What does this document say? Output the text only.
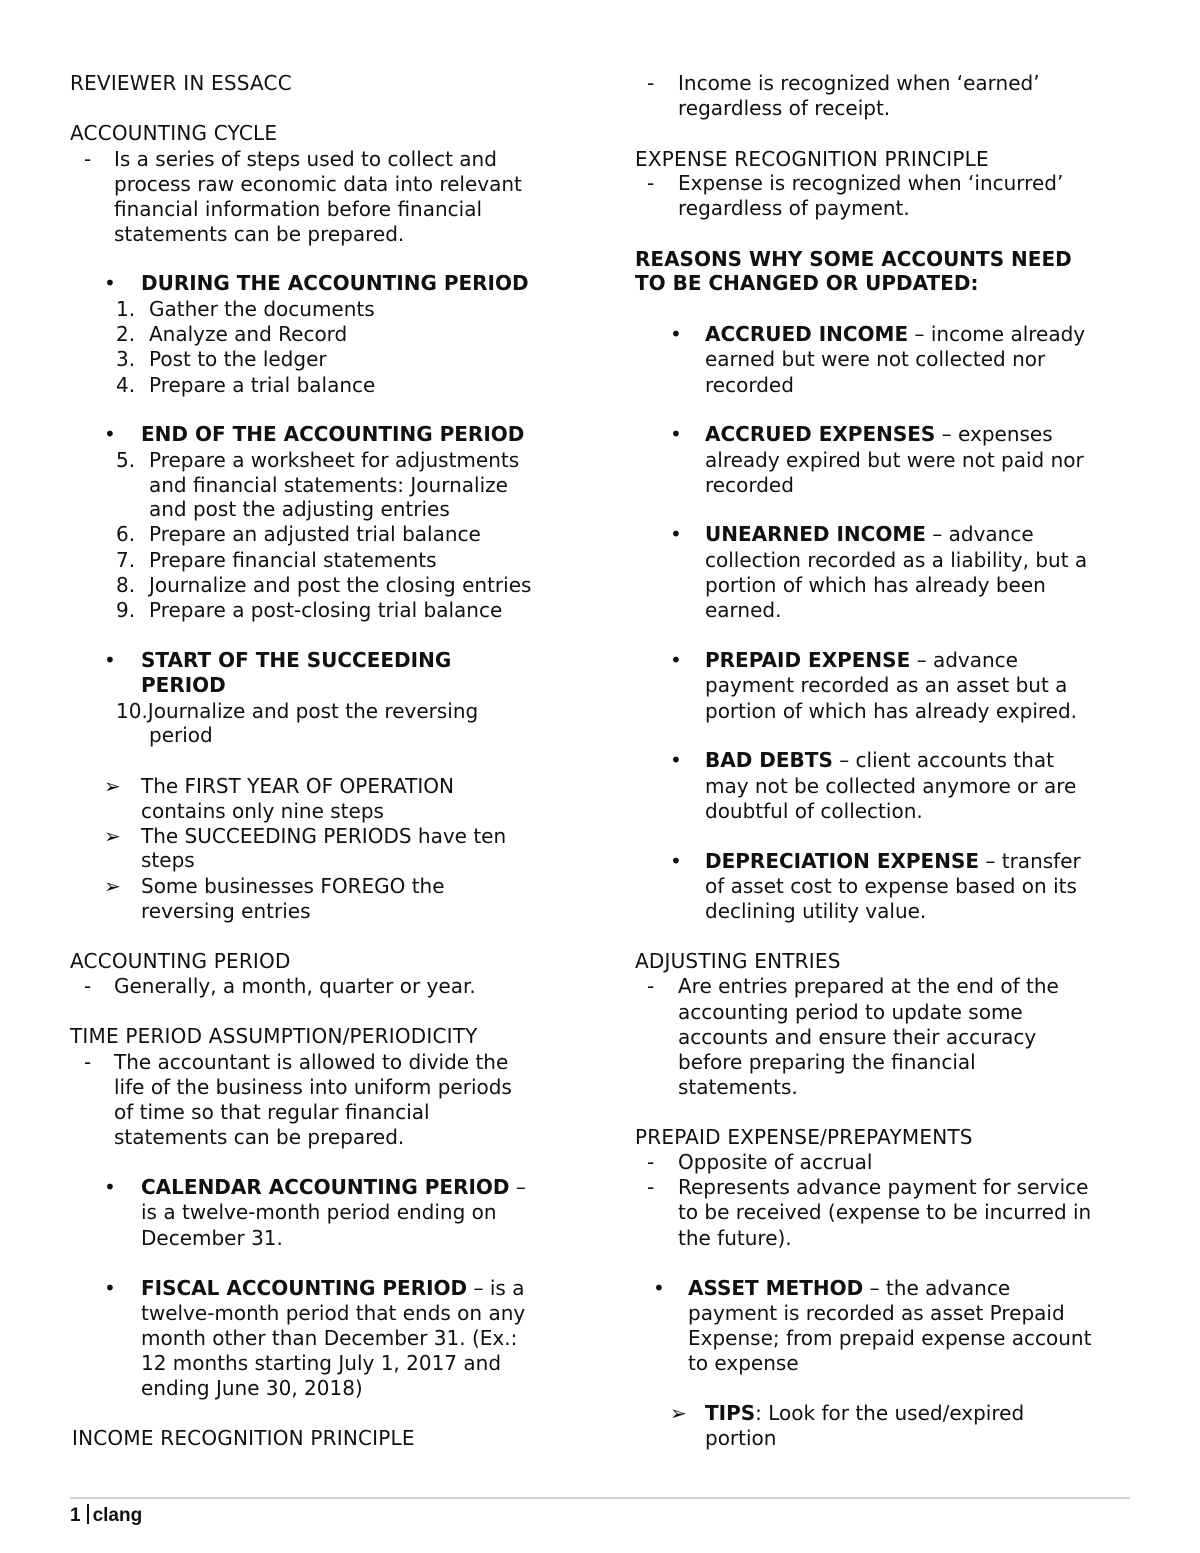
REVIEWER IN ESSACC
ACCOUNTING CYCLE
- Is a series of steps used to collect and
process raw economic data into relevant
financial information before financial
statements can be prepared.
• DURING THE ACCOUNTING PERIOD
1. Gather the documents
2. Analyze and Record
3. Post to the ledger
4. Prepare a trial balance
• END OF THE ACCOUNTING PERIOD
5. Prepare a worksheet for adjustments
and financial statements: Journalize
and post the adjusting entries
6. Prepare an adjusted trial balance
7. Prepare financial statements
8. Journalize and post the closing entries
9. Prepare a post-closing trial balance
• START OF THE SUCCEEDING
PERIOD
10.Journalize and post the reversing
period
➢ The FIRST YEAR OF OPERATION
contains only nine steps
➢ The SUCCEEDING PERIODS have ten
steps
➢ Some businesses FOREGO the
reversing entries
ACCOUNTING PERIOD
- Generally, a month, quarter or year.
TIME PERIOD ASSUMPTION/PERIODICITY
- The accountant is allowed to divide the
life of the business into uniform periods
of time so that regular financial
statements can be prepared.
• CALENDAR ACCOUNTING PERIOD –
is a twelve-month period ending on
December 31.
• FISCAL ACCOUNTING PERIOD – is a
twelve-month period that ends on any
month other than December 31. (Ex.:
12 months starting July 1, 2017 and
ending June 30, 2018)
INCOME RECOGNITION PRINCIPLE
- Income is recognized when ‘earned’
regardless of receipt.
EXPENSE RECOGNITION PRINCIPLE
- Expense is recognized when ‘incurred’
regardless of payment.
REASONS WHY SOME ACCOUNTS NEED
TO BE CHANGED OR UPDATED:
• ACCRUED INCOME – income already
earned but were not collected nor
recorded
• ACCRUED EXPENSES – expenses
already expired but were not paid nor
recorded
• UNEARNED INCOME – advance
collection recorded as a liability, but a
portion of which has already been
earned.
• PREPAID EXPENSE – advance
payment recorded as an asset but a
portion of which has already expired.
• BAD DEBTS – client accounts that
may not be collected anymore or are
doubtful of collection.
• DEPRECIATION EXPENSE – transfer
of asset cost to expense based on its
declining utility value.
ADJUSTING ENTRIES
- Are entries prepared at the end of the
accounting period to update some
accounts and ensure their accuracy
before preparing the financial
statements.
PREPAID EXPENSE/PREPAYMENTS
- Opposite of accrual
- Represents advance payment for service
to be received (expense to be incurred in
the future).
• ASSET METHOD – the advance
payment is recorded as asset Prepaid
Expense; from prepaid expense account
to expense
➢ TIPS: Look for the used/expired
portion
1 clang
